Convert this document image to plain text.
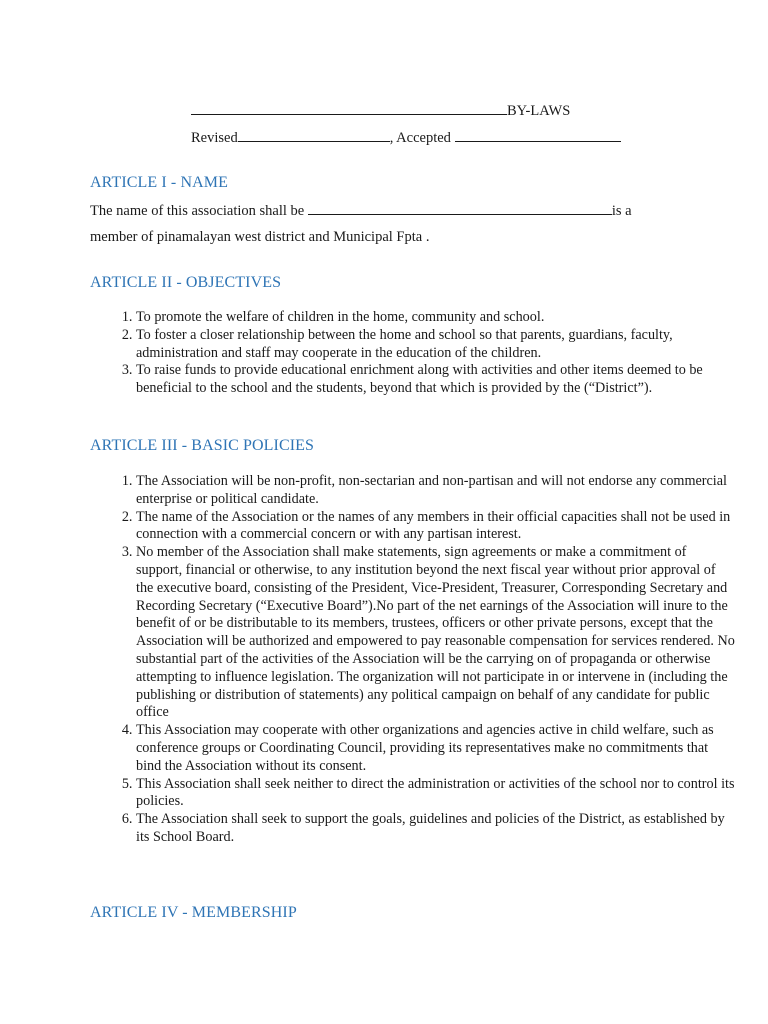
BY-LAWS
Revised	, Accepted
ARTICLE I - NAME
The name of this association shall be	is a
member of pinamalayan west district and Municipal Fpta .
ARTICLE II - OBJECTIVES
1. To promote the welfare of children in the home, community and school.
2. To foster a closer relationship between the home and school so that parents, guardians, faculty, administration and staff may cooperate in the education of the children.
3. To raise funds to provide educational enrichment along with activities and other items deemed to be beneficial to the school and the students, beyond that which is provided by the (“District”).
ARTICLE III - BASIC POLICIES
1. The Association will be non-profit, non-sectarian and non-partisan and will not endorse any commercial enterprise or political candidate.
2. The name of the Association or the names of any members in their official capacities shall not be used in connection with a commercial concern or with any partisan interest.
3. No member of the Association shall make statements, sign agreements or make a commitment of support, financial or otherwise, to any institution beyond the next fiscal year without prior approval of the executive board, consisting of the President, Vice-President, Treasurer, Corresponding Secretary and Recording Secretary (“Executive Board”).No part of the net earnings of the Association will inure to the benefit of or be distributable to its members, trustees, officers or other private persons, except that the Association will be authorized and empowered to pay reasonable compensation for services rendered. No substantial part of the activities of the Association will be the carrying on of propaganda or otherwise attempting to influence legislation. The organization will not participate in or intervene in (including the publishing or distribution of statements) any political campaign on behalf of any candidate for public office
4. This Association may cooperate with other organizations and agencies active in child welfare, such as conference groups or Coordinating Council, providing its representatives make no commitments that bind the Association without its consent.
5. This Association shall seek neither to direct the administration or activities of the school nor to control its policies.
6. The Association shall seek to support the goals, guidelines and policies of the District, as established by its School Board.
ARTICLE IV - MEMBERSHIP
